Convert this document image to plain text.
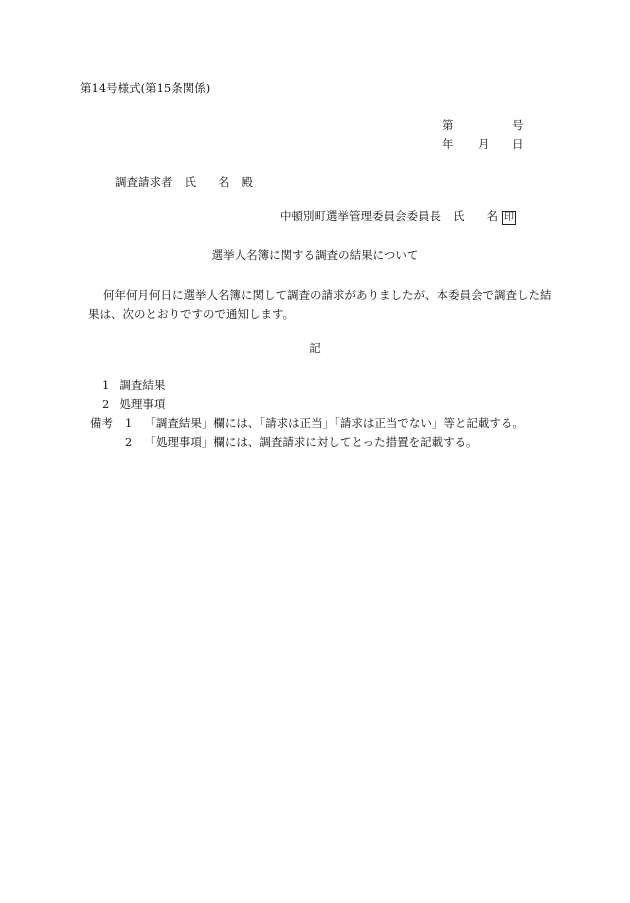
第14号様式(第15条関係)
第	号
年 月 日
調査請求者 氏 名 殿
中頓別町選挙管理委員会委員長 氏 名 印
選挙人名簿に関する調査の結果について
何年何月何日に選挙人名簿に関して調査の請求がありましたが、本委員会で調査した結果は、次のとおりですので通知します。
記
1 調査結果
2 処理事項
備考 1 「調査結果」欄には、「請求は正当」「請求は正当でない」等と記載する。
2 「処理事項」欄には、調査請求に対してとった措置を記載する。
